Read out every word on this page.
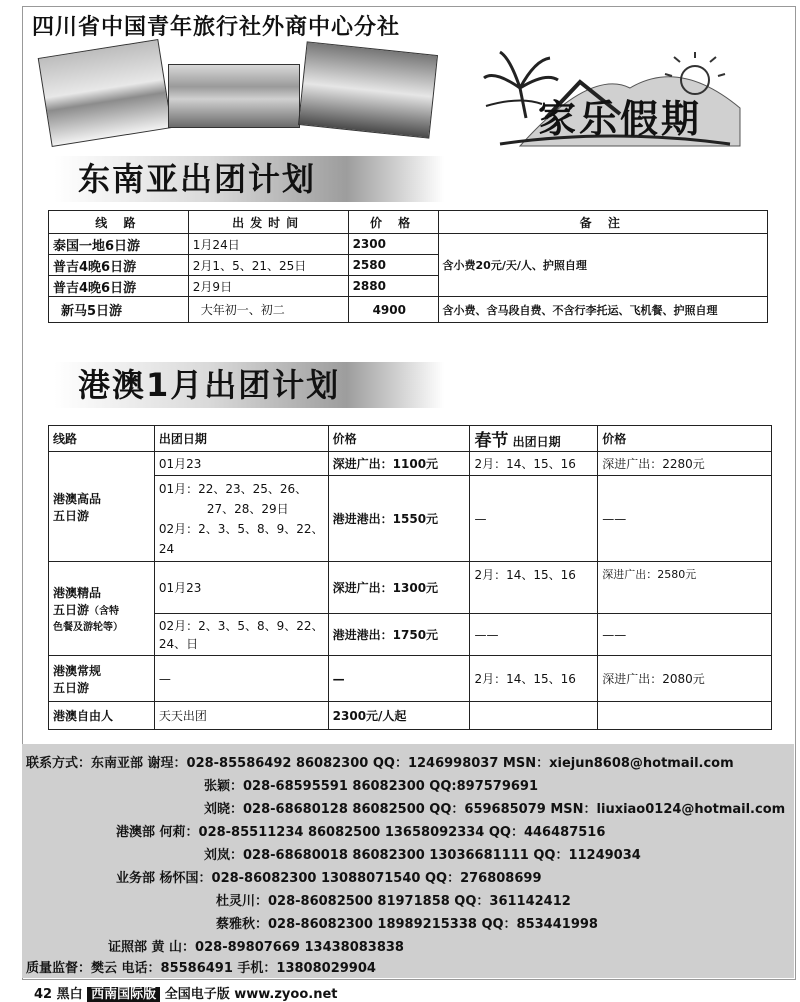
四川省中国青年旅行社外商中心分社
家乐假期
东南亚出团计划
线 路	出发时间	价 格	备 注
泰国一地6日游	1月24日	2300	含小费20元/天/人、护照自理
普吉4晚6日游	2月1、5、21、25日	2580	
普吉4晚6日游	2月9日	2880	
新马5日游	大年初一、初二	4900	含小费、含马段自费、不含行李托运、飞机餐、护照自理
港澳1月出团计划
线路	出团日期	价格	春节 出团日期	价格

港澳高品
五日游	01月23	深进广出：1100元	2月：14、15、16	深进广出：2280元

	01月：22、23、25、26、
27、28、29日
02月：2、3、5、8、9、22、
24	港进港出：1550元	—	——

港澳精品
五日游（含特
色餐及游轮等）	01月23	深进广出：1300元	2月：14、15、16	深进广出：2580元

	02月：2、3、5、8、9、22、
24、日	港进港出：1750元	——	——

港澳常规
五日游	—	—	2月：14、15、16	深进广出：2080元
港澳自由人	天天出团	2300元/人起		
联系方式：东南亚部 谢珵：028-85586492 86082300 QQ：1246998037 MSN：xiejun8608@hotmail.com
张颖：028-68595591 86082300 QQ:897579691
刘晓：028-68680128 86082500 QQ：659685079 MSN：liuxiao0124@hotmail.com
港澳部 何莉：028-85511234 86082500 13658092334 QQ：446487516
刘岚：028-68680018 86082300 13036681111 QQ：11249034
业务部 杨怀国：028-86082300 13088071540 QQ：276808699
杜灵川：028-86082500 81971858 QQ：361142412
蔡雅秋：028-86082300 18989215338 QQ：853441998
证照部 黄 山：028-89807669 13438083838
质量监督：樊云 电话：85586491 手机：13808029904
42 黑白 西南国际版 全国电子版 www.zyoo.net
